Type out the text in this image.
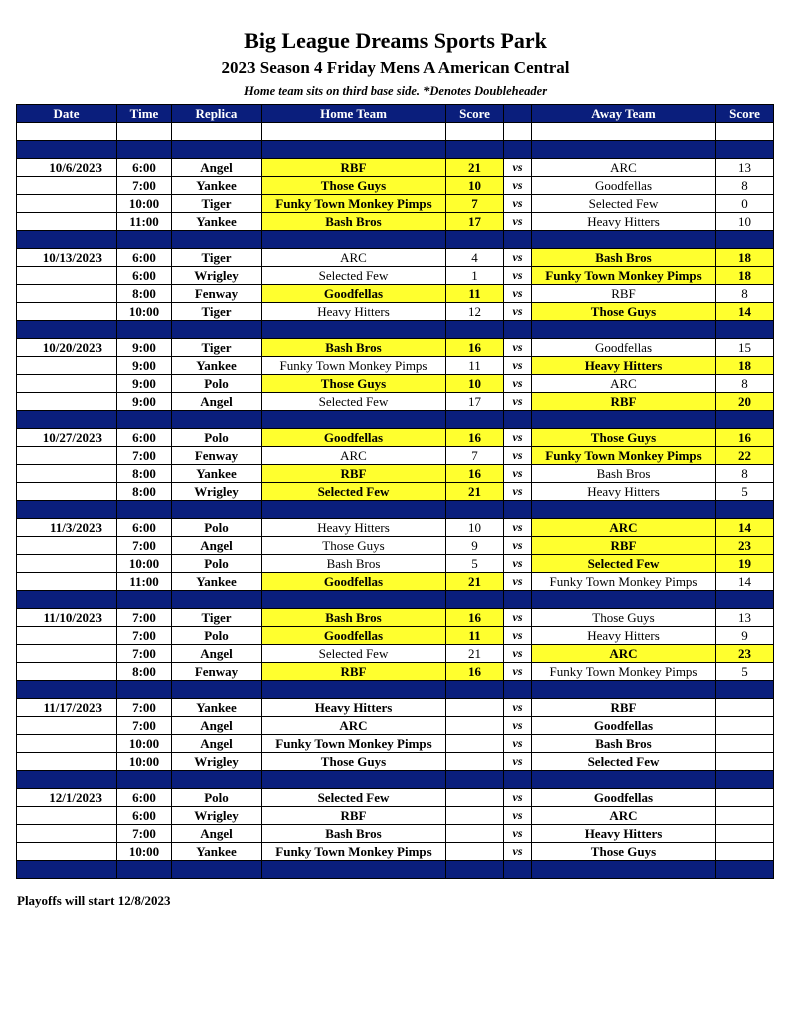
Big League Dreams Sports Park
2023 Season 4 Friday Mens A American Central
Home team sits on third base side. *Denotes Doubleheader
Date	Time	Replica	Home Team	Score		Away Team	Score

10/6/2023	6:00	Angel	RBF	21	vs	ARC	13
	7:00	Yankee	Those Guys	10	vs	Goodfellas	8
	10:00	Tiger	Funky Town Monkey Pimps	7	vs	Selected Few	0
	11:00	Yankee	Bash Bros	17	vs	Heavy Hitters	10

10/13/2023	6:00	Tiger	ARC	4	vs	Bash Bros	18
	6:00	Wrigley	Selected Few	1	vs	Funky Town Monkey Pimps	18
	8:00	Fenway	Goodfellas	11	vs	RBF	8
	10:00	Tiger	Heavy Hitters	12	vs	Those Guys	14

10/20/2023	9:00	Tiger	Bash Bros	16	vs	Goodfellas	15
	9:00	Yankee	Funky Town Monkey Pimps	11	vs	Heavy Hitters	18
	9:00	Polo	Those Guys	10	vs	ARC	8
	9:00	Angel	Selected Few	17	vs	RBF	20

10/27/2023	6:00	Polo	Goodfellas	16	vs	Those Guys	16
	7:00	Fenway	ARC	7	vs	Funky Town Monkey Pimps	22
	8:00	Yankee	RBF	16	vs	Bash Bros	8
	8:00	Wrigley	Selected Few	21	vs	Heavy Hitters	5

11/3/2023	6:00	Polo	Heavy Hitters	10	vs	ARC	14
	7:00	Angel	Those Guys	9	vs	RBF	23
	10:00	Polo	Bash Bros	5	vs	Selected Few	19
	11:00	Yankee	Goodfellas	21	vs	Funky Town Monkey Pimps	14

11/10/2023	7:00	Tiger	Bash Bros	16	vs	Those Guys	13
	7:00	Polo	Goodfellas	11	vs	Heavy Hitters	9
	7:00	Angel	Selected Few	21	vs	ARC	23
	8:00	Fenway	RBF	16	vs	Funky Town Monkey Pimps	5

11/17/2023	7:00	Yankee	Heavy Hitters		vs	RBF	
	7:00	Angel	ARC		vs	Goodfellas	
	10:00	Angel	Funky Town Monkey Pimps		vs	Bash Bros	
	10:00	Wrigley	Those Guys		vs	Selected Few	

12/1/2023	6:00	Polo	Selected Few		vs	Goodfellas	
	6:00	Wrigley	RBF		vs	ARC	
	7:00	Angel	Bash Bros		vs	Heavy Hitters	
	10:00	Yankee	Funky Town Monkey Pimps		vs	Those Guys	

Playoffs will start 12/8/2023
